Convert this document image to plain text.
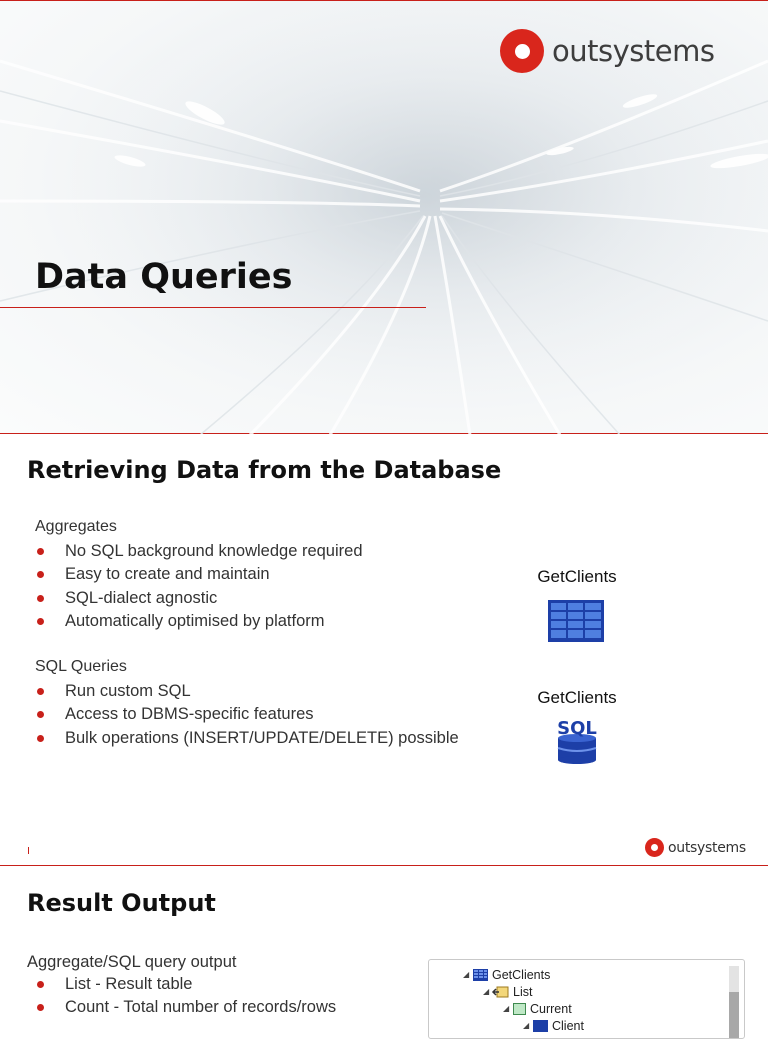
outsystems
Data Queries
Retrieving Data from the Database
Aggregates
No SQL background knowledge required
Easy to create and maintain
SQL-dialect agnostic
Automatically optimised by platform
SQL Queries
Run custom SQL
Access to DBMS-specific features
Bulk operations (INSERT/UPDATE/DELETE) possible
GetClients
GetClients
SQL
outsystems
Result Output
Aggregate/SQL query output
List - Result table
Count - Total number of records/rows
◢	GetClients
◢	List
◢	Current
◢	Client
